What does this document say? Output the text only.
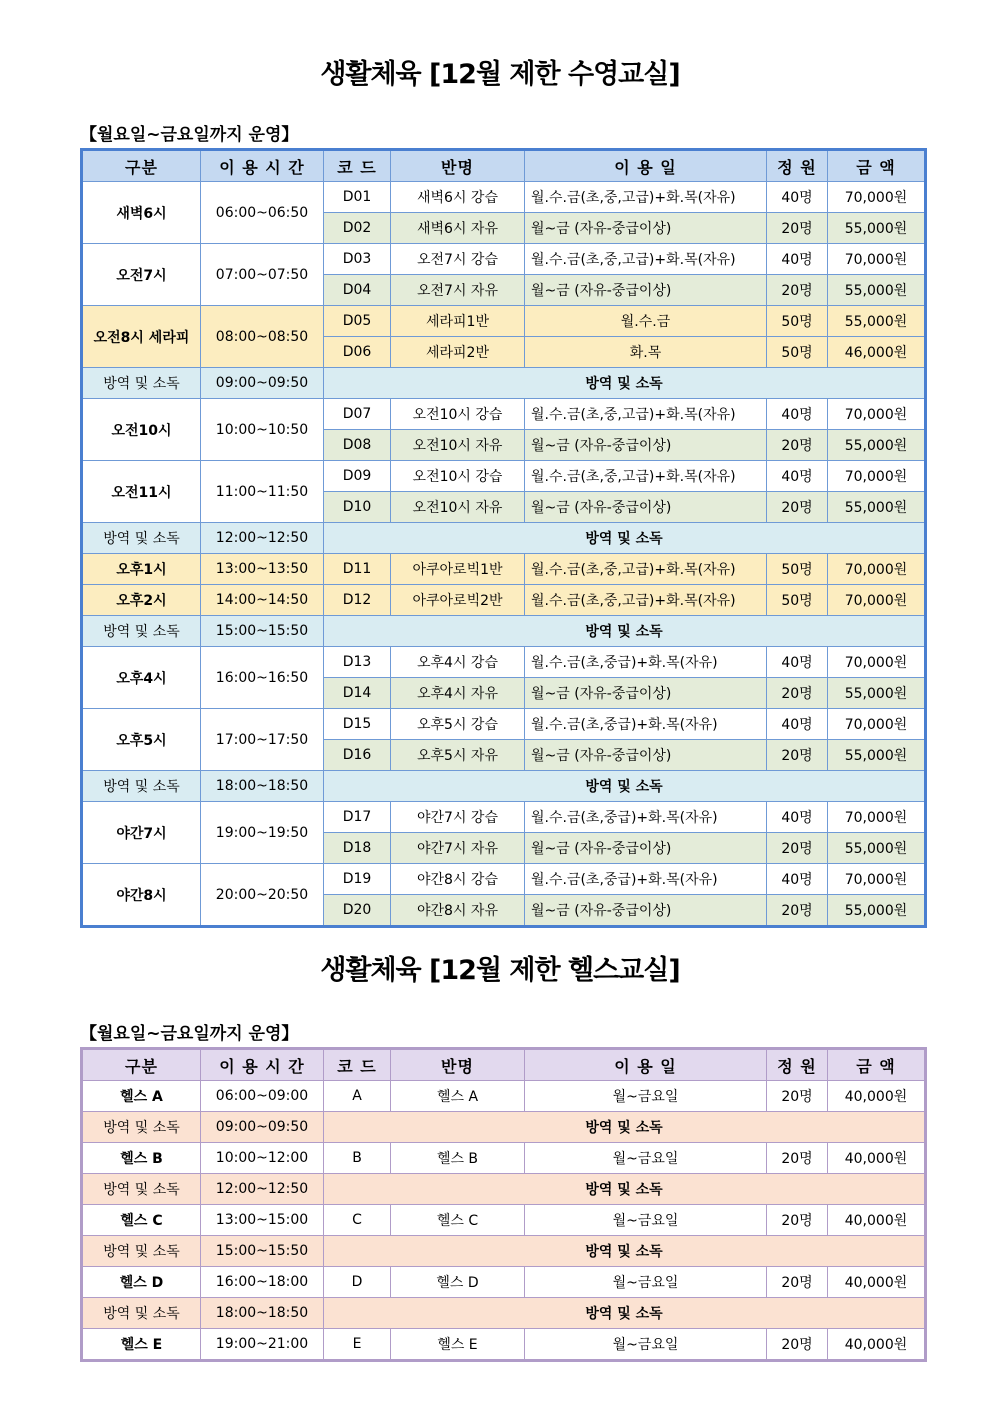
생활체육 [12월 제한 수영교실]
【월요일~금요일까지 운영】
구분	이 용 시 간	코 드	반명	이 용 일	정 원	금 액
새벽6시	06:00~06:50	D01	새벽6시 강습	월.수.금(초,중,고급)+화.목(자유)	40명	70,000원
		D02	새벽6시 자유	월~금 (자유-중급이상)	20명	55,000원
오전7시	07:00~07:50	D03	오전7시 강습	월.수.금(초,중,고급)+화.목(자유)	40명	70,000원
		D04	오전7시 자유	월~금 (자유-중급이상)	20명	55,000원
오전8시 세라피	08:00~08:50	D05	세라피1반	월.수.금	50명	55,000원
		D06	세라피2반	화.목	50명	46,000원
방역 및 소독	09:00~09:50	방역 및 소독				
오전10시	10:00~10:50	D07	오전10시 강습	월.수.금(초,중,고급)+화.목(자유)	40명	70,000원
		D08	오전10시 자유	월~금 (자유-중급이상)	20명	55,000원
오전11시	11:00~11:50	D09	오전10시 강습	월.수.금(초,중,고급)+화.목(자유)	40명	70,000원
		D10	오전10시 자유	월~금 (자유-중급이상)	20명	55,000원
방역 및 소독	12:00~12:50	방역 및 소독				
오후1시	13:00~13:50	D11	아쿠아로빅1반	월.수.금(초,중,고급)+화.목(자유)	50명	70,000원
오후2시	14:00~14:50	D12	아쿠아로빅2반	월.수.금(초,중,고급)+화.목(자유)	50명	70,000원
방역 및 소독	15:00~15:50	방역 및 소독				
오후4시	16:00~16:50	D13	오후4시 강습	월.수.금(초,중급)+화.목(자유)	40명	70,000원
		D14	오후4시 자유	월~금 (자유-중급이상)	20명	55,000원
오후5시	17:00~17:50	D15	오후5시 강습	월.수.금(초,중급)+화.목(자유)	40명	70,000원
		D16	오후5시 자유	월~금 (자유-중급이상)	20명	55,000원
방역 및 소독	18:00~18:50	방역 및 소독				
야간7시	19:00~19:50	D17	야간7시 강습	월.수.금(초,중급)+화.목(자유)	40명	70,000원
		D18	야간7시 자유	월~금 (자유-중급이상)	20명	55,000원
야간8시	20:00~20:50	D19	야간8시 강습	월.수.금(초,중급)+화.목(자유)	40명	70,000원
		D20	야간8시 자유	월~금 (자유-중급이상)	20명	55,000원
생활체육 [12월 제한 헬스교실]
【월요일~금요일까지 운영】
구분	이 용 시 간	코 드	반명	이 용 일	정 원	금 액
헬스 A	06:00~09:00	A	헬스 A	월~금요일	20명	40,000원
방역 및 소독	09:00~09:50	방역 및 소독				
헬스 B	10:00~12:00	B	헬스 B	월~금요일	20명	40,000원
방역 및 소독	12:00~12:50	방역 및 소독				
헬스 C	13:00~15:00	C	헬스 C	월~금요일	20명	40,000원
방역 및 소독	15:00~15:50	방역 및 소독				
헬스 D	16:00~18:00	D	헬스 D	월~금요일	20명	40,000원
방역 및 소독	18:00~18:50	방역 및 소독				
헬스 E	19:00~21:00	E	헬스 E	월~금요일	20명	40,000원
